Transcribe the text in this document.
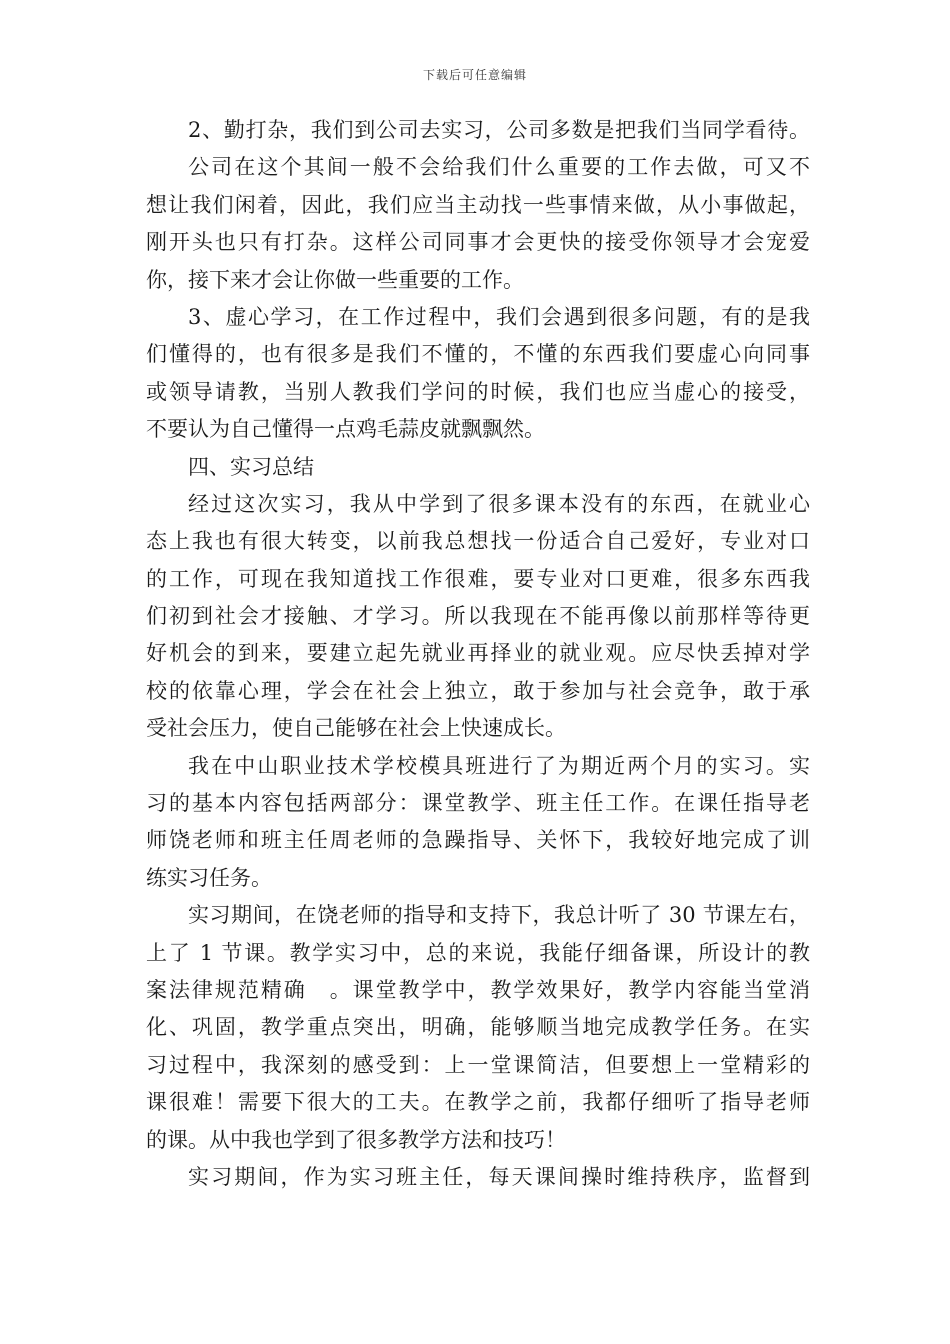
下载后可任意编辑
2、勤打杂，我们到公司去实习，公司多数是把我们当同学看待。
公司在这个其间一般不会给我们什么重要的工作去做，可又不
想让我们闲着，因此，我们应当主动找一些事情来做，从小事做起，
刚开头也只有打杂。这样公司同事才会更快的接受你领导才会宠爱
你，接下来才会让你做一些重要的工作。
3、虚心学习，在工作过程中，我们会遇到很多问题，有的是我
们懂得的，也有很多是我们不懂的，不懂的东西我们要虚心向同事
或领导请教，当别人教我们学问的时候，我们也应当虚心的接受，
不要认为自己懂得一点鸡毛蒜皮就飘飘然。
四、实习总结
经过这次实习，我从中学到了很多课本没有的东西，在就业心
态上我也有很大转变，以前我总想找一份适合自己爱好，专业对口
的工作，可现在我知道找工作很难，要专业对口更难，很多东西我
们初到社会才接触、才学习。所以我现在不能再像以前那样等待更
好机会的到来，要建立起先就业再择业的就业观。应尽快丢掉对学
校的依靠心理，学会在社会上独立，敢于参加与社会竞争，敢于承
受社会压力，使自己能够在社会上快速成长。
我在中山职业技术学校模具班进行了为期近两个月的实习。实
习的基本内容包括两部分：课堂教学、班主任工作。在课任指导老
师饶老师和班主任周老师的急躁指导、关怀下，我较好地完成了训
练实习任务。
实习期间，在饶老师的指导和支持下，我总计听了 30 节课左右，
上了 1 节课。教学实习中，总的来说，我能仔细备课，所设计的教
案法律规范精确　。课堂教学中，教学效果好，教学内容能当堂消
化、巩固，教学重点突出，明确，能够顺当地完成教学任务。在实
习过程中，我深刻的感受到：上一堂课简洁，但要想上一堂精彩的
课很难！需要下很大的工夫。在教学之前，我都仔细听了指导老师
的课。从中我也学到了很多教学方法和技巧！
实习期间，作为实习班主任，每天课间操时维持秩序，监督到
